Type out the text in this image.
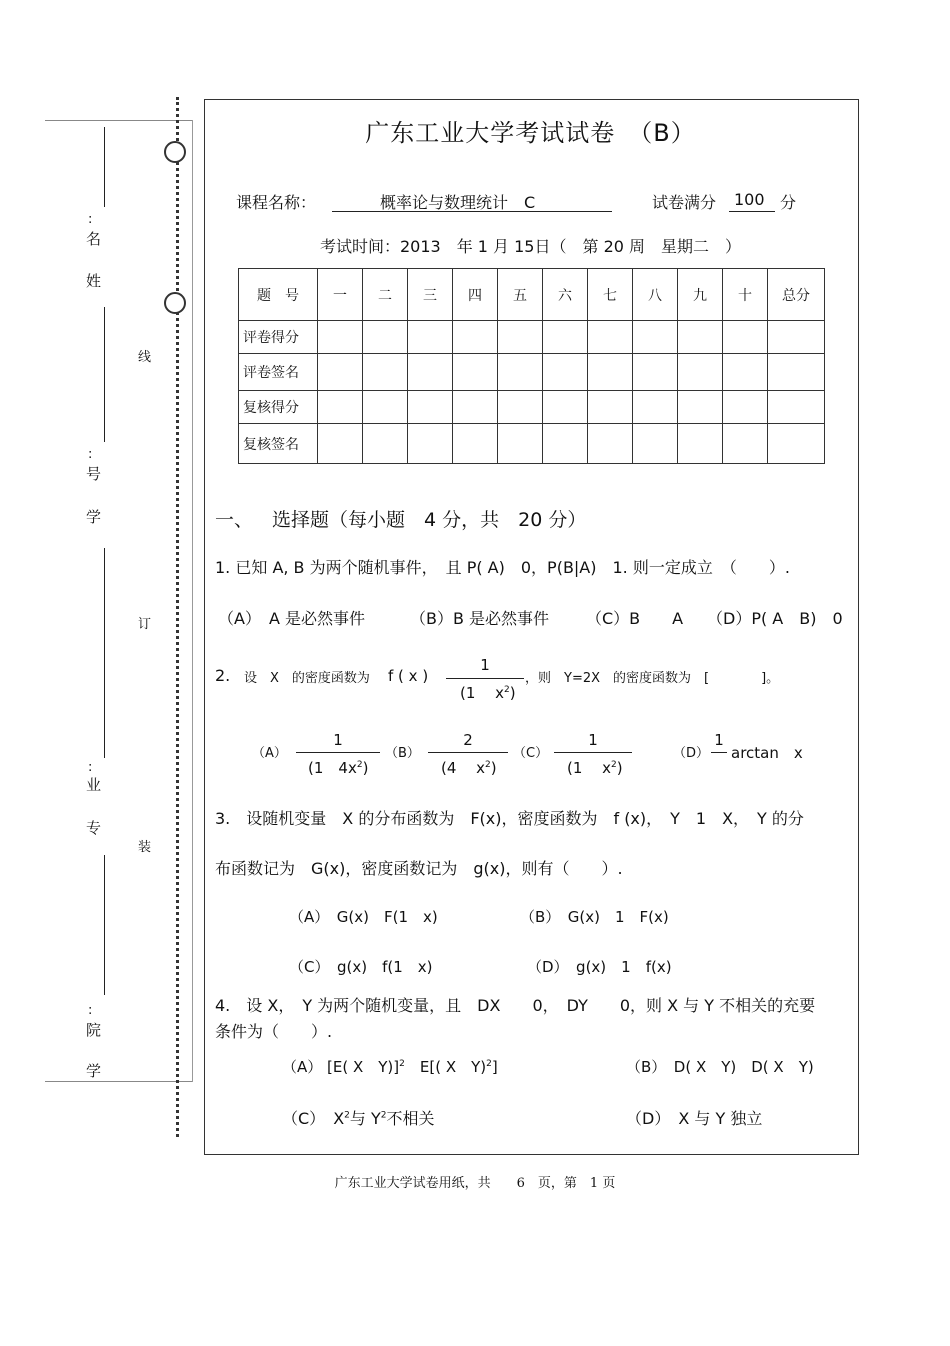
:
名
姓
:
号
学
:
业
专
:
院
学
线
订
装
广东工业大学考试试卷　（B）
课程名称：	概率论与数理统计　C	试卷满分 100 分
考试时间：2013　年 1 月 15日（　第 20 周　星期二　）
题　号	一	二	三	四	五	六	七	八	九	十	总分
评卷得分											
评卷签名											
复核得分											
复核签名											
一、 选择题（每小题　4 分，共　20 分）
1. 已知 A, B 为两个随机事件，　且 P( A)　0，P(B|A)　1. 则一定成立　（　　）.
（A）　A 是必然事件	（B）B 是必然事件 （C）B　　A （D）P( A　B)　0
2. 设　X　的密度函数为 f ( x )
1
(1　 $x^2$)
，则　Y=2X　的密度函数为　[　　　　]。
（A）
1
(1　$4x^2$)
（B）
2
(4　 $x^2$)
（C）
1
(1　 $x^2$)
（D）
1
arctan　x
3.　设随机变量　X 的分布函数为　F(x)，密度函数为　f (x)，　Y　1　X，　Y 的分
布函数记为　G(x)，密度函数记为　g(x)，则有（　　）.
（A）　G(x)　F(1　x)	（B）　G(x)　1　F(x)
（C）　g(x)　f(1　x)	（D）　g(x)　1　f(x)
4.　设 X，　Y 为两个随机变量，且　DX　　0，　DY　　0，则 X 与 Y 不相关的充要
条件为（　　）.
（A） [E( X　Y)]$^2$　E[( X　Y)$^2$]	（B）　D( X　Y)　D( X　Y)
（C）　 $X^2$与 $Y^2$不相关	（D）　X 与 Y 独立
广东工业大学试卷用纸，共　　6　页，第　1 页
